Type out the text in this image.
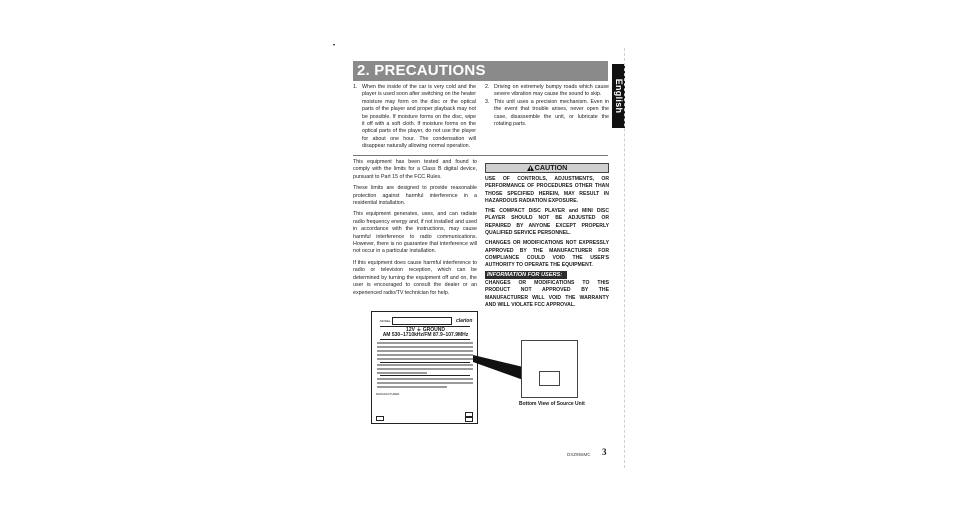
•
2. PRECAUTIONS
English
1. When the inside of the car is very cold and the player is used soon after switching on the heater moisture may form on the disc or the optical parts of the player and proper playback may not be possible. If moisture forms on the disc, wipe it off with a soft cloth. If moisture forms on the optical parts of the player, do not use the player for about one hour. The condensation will disappear naturally allowing normal operation.
2. Driving on extremely bumpy roads which cause severe vibration may cause the sound to skip.
3. This unit uses a precision mechanism. Even in the event that trouble arises, never open the case, disassemble the unit, or lubricate the rotating parts.

This equipment has been tested and found to comply with the limits for a Class B digital device, pursuant to Part 15 of the FCC Rules.

These limits are designed to provide reasonable protection against harmful interference in a residential installation.

This equipment generates, uses, and can radiate radio frequency energy and, if not installed and used in accordance with the instructions, may cause harmful interference to radio communications. However, there is no guarantee that interference will not occur in a particular installation.

If this equipment does cause harmful interference to radio or television reception, which can be determined by turning the equipment off and on, the user is encouraged to consult the dealer or an experienced radio/TV technician for help.

CAUTION

USE OF CONTROLS, ADJUSTMENTS, OR PERFORMANCE OF PROCEDURES OTHER THAN THOSE SPECIFIED HEREIN, MAY RESULT IN HAZARDOUS RADIATION EXPOSURE.

THE COMPACT DISC PLAYER and MINI DISC PLAYER SHOULD NOT BE ADJUSTED OR REPAIRED BY ANYONE EXCEPT PROPERLY QUALIFIED SERVICE PERSONNEL.

CHANGES OR MODIFICATIONS NOT EXPRESSLY APPROVED BY THE MANUFACTURER FOR COMPLIANCE COULD VOID THE USER'S AUTHORITY TO OPERATE THE EQUIPMENT.

INFORMATION FOR USERS:

CHANGES OR MODIFICATIONS TO THIS PRODUCT NOT APPROVED BY THE MANUFACTURER WILL VOID THE WARRANTY AND WILL VIOLATE FCC APPROVAL.

MODEL	clarion
12V ⏚ GROUND
AM 530–1710kHz/FM 87.9–107.9MHz
MANUFACTURED:
Bottom View of Source Unit
DXZ955MC 3
